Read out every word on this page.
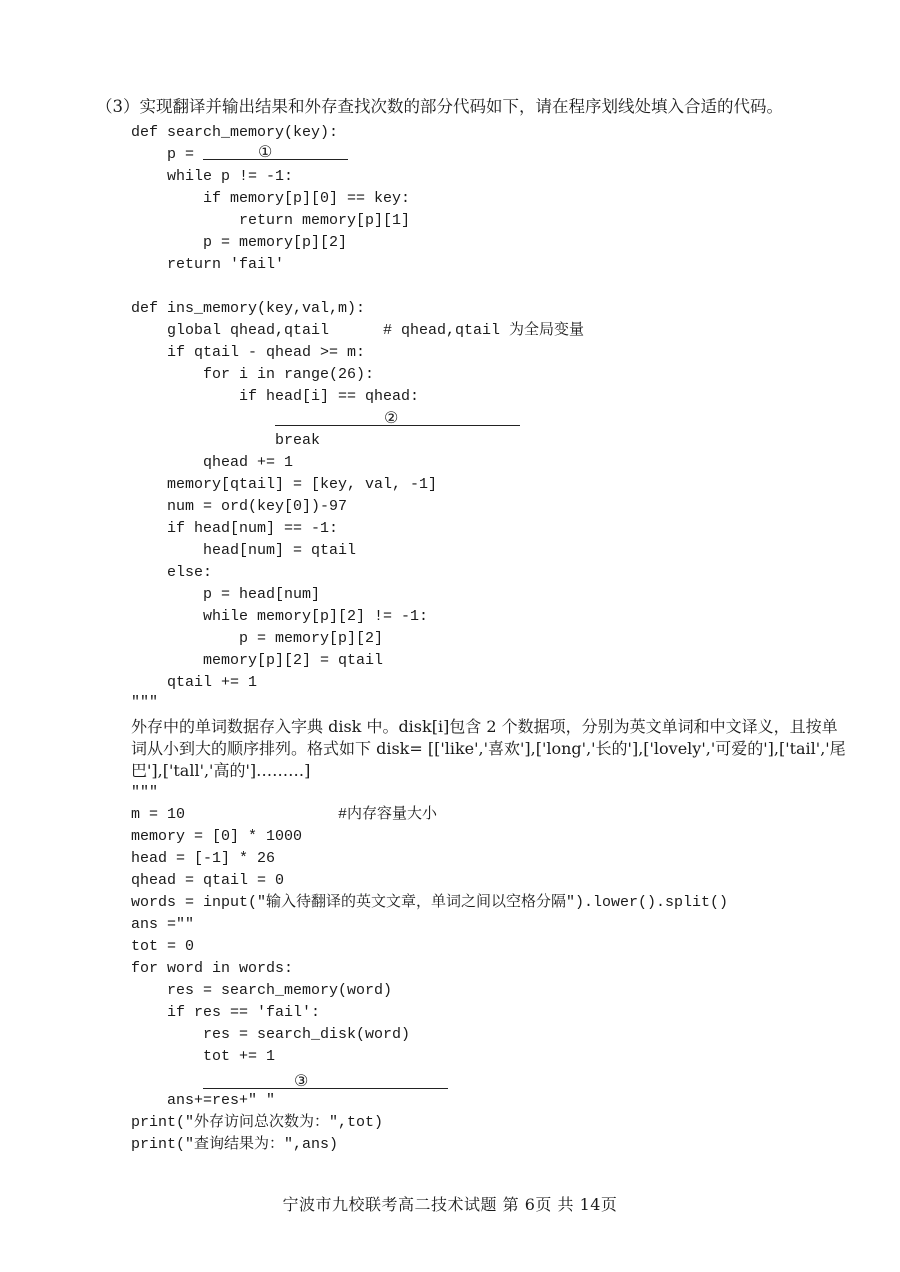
（3）实现翻译并输出结果和外存查找次数的部分代码如下，请在程序划线处填入合适的代码。
def search_memory(key):
p =
while p != -1:
if memory[p][0] == key:
return memory[p][1]
p = memory[p][2]
return 'fail'
def ins_memory(key,val,m):
global qhead,qtail      # qhead,qtail 为全局变量
if qtail - qhead >= m:
for i in range(26):
if head[i] == qhead:
break
qhead += 1
memory[qtail] = [key, val, -1]
num = ord(key[0])-97
if head[num] == -1:
head[num] = qtail
else:
p = head[num]
while memory[p][2] != -1:
p = memory[p][2]
memory[p][2] = qtail
qtail += 1
①
②
"""
外存中的单词数据存入字典 disk 中。disk[i]包含 2 个数据项，分别为英文单词和中文译义，且按单词从小到大的顺序排列。格式如下 disk= [['like','喜欢'],['long','长的'],['lovely','可爱的'],['tail','尾巴'],['tall','高的']………]
"""
m = 10                 #内存容量大小
memory = [0] * 1000
head = [-1] * 26
qhead = qtail = 0
words = input("输入待翻译的英文文章，单词之间以空格分隔").lower().split()
ans =""
tot = 0
for word in words:
res = search_memory(word)
if res == 'fail':
res = search_disk(word)
tot += 1
ans+=res+" "
print("外存访问总次数为：",tot)
print("查询结果为：",ans)
③
宁波市九校联考高二技术试题 第 6页 共 14页
